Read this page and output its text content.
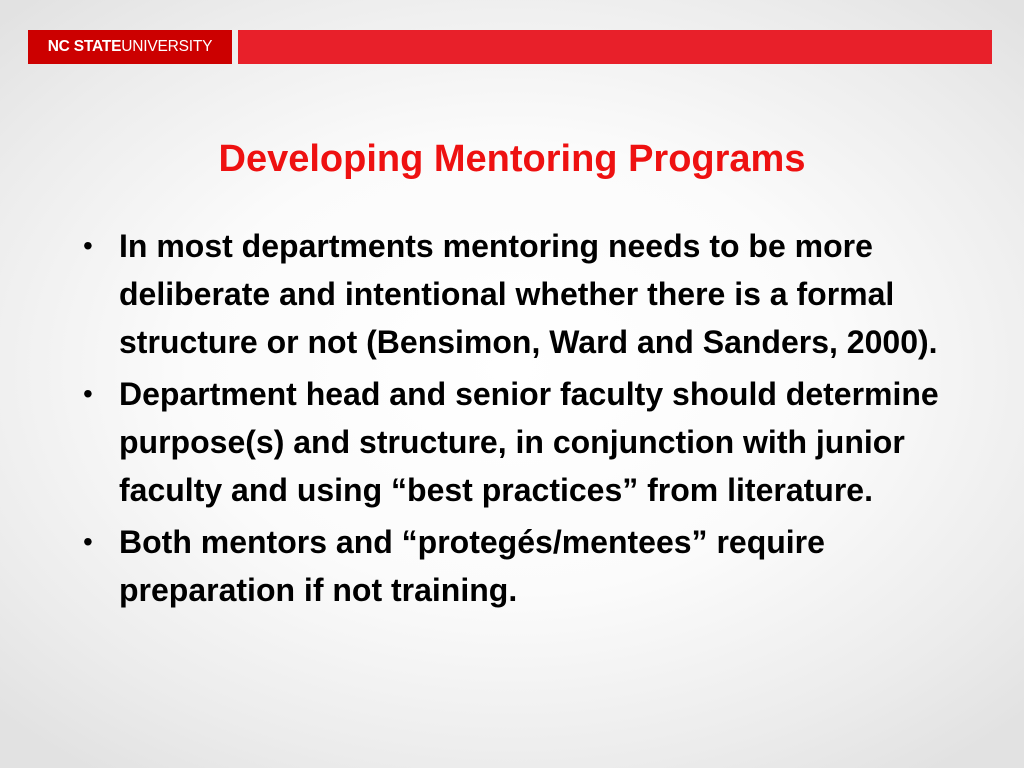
NC STATE UNIVERSITY
Developing Mentoring Programs
• In most departments mentoring needs to be more deliberate and intentional whether there is a formal structure or not (Bensimon, Ward and Sanders, 2000).
• Department head and senior faculty should determine purpose(s) and structure, in conjunction with junior faculty and using “best practices” from literature.
• Both mentors and “protegés/mentees” require preparation if not training.
